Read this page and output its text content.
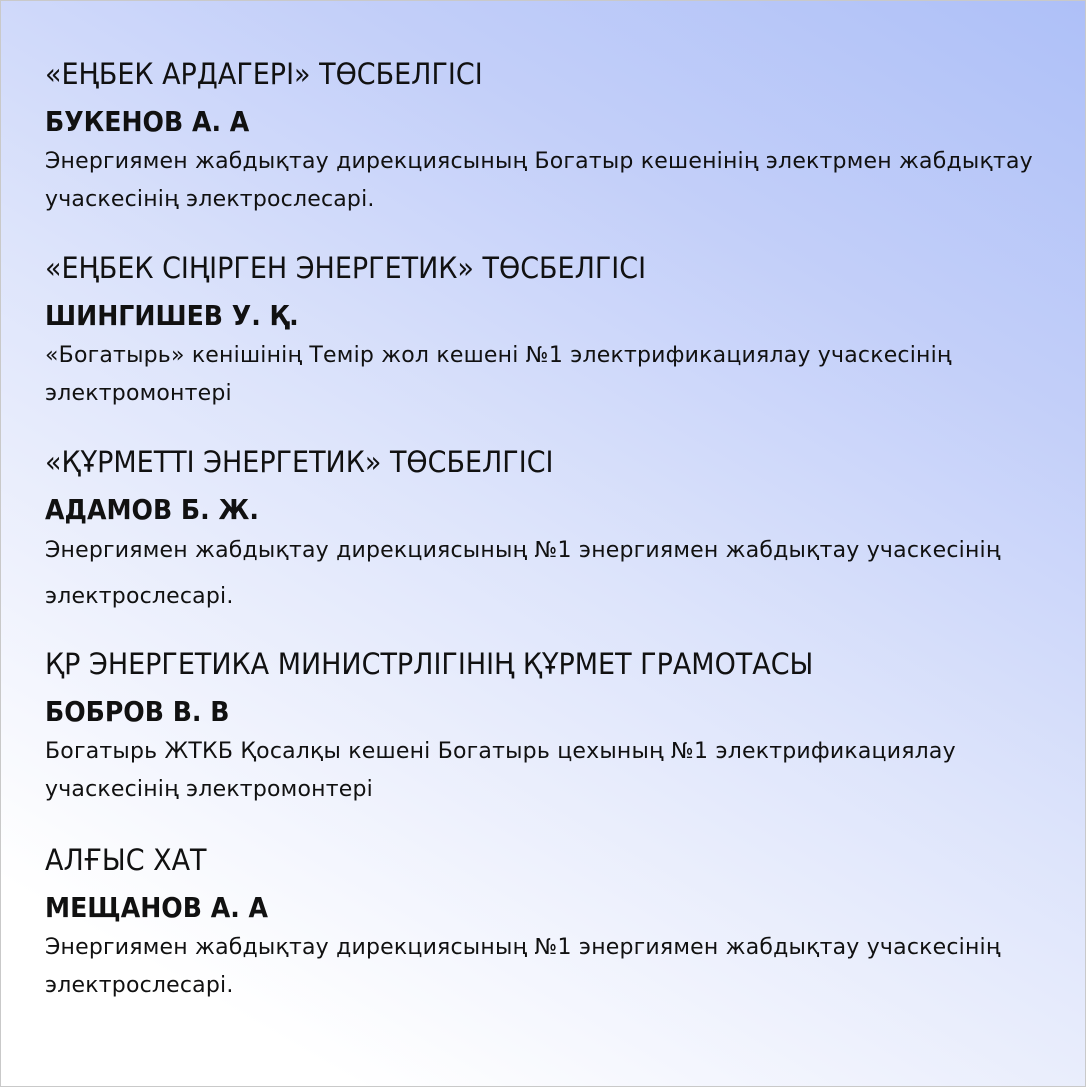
«ЕҢБЕК АРДАГЕРІ» ТӨСБЕЛГІСІ
БУКЕНОВ А. А
Энергиямен жабдықтау дирекциясының Богатыр кешенінің электрмен жабдықтау учаскесінің электрослесарі.
«ЕҢБЕК СІҢІРГЕН ЭНЕРГЕТИК» ТӨСБЕЛГІСІ
ШИНГИШЕВ У. Қ.
«Богатырь» кенішінің Темір жол кешені №1 электрификациялау учаскесінің электромонтері
«ҚҰРМЕТТІ ЭНЕРГЕТИК» ТӨСБЕЛГІСІ
АДАМОВ Б. Ж.
Энергиямен жабдықтау дирекциясының №1 энергиямен жабдықтау учаскесінің электрослесарі.
ҚР ЭНЕРГЕТИКА МИНИСТРЛІГІНІҢ ҚҰРМЕТ ГРАМОТАСЫ
БОБРОВ В. В
Богатырь ЖТКБ Қосалқы кешені Богатырь цехының №1 электрификациялау учаскесінің электромонтері
АЛҒЫС ХАТ
МЕЩАНОВ А. А
Энергиямен жабдықтау дирекциясының №1 энергиямен жабдықтау учаскесінің электрослесарі.
